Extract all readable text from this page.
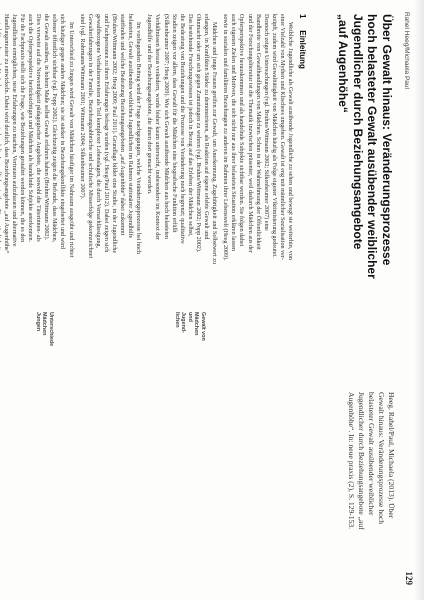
Rahel Heeg/Michaela Paul
129
Über Gewalt hinaus: Veränderungsprozesse
hoch belasteter Gewalt ausübender weiblicher
Jugendlicher durch Beziehungsangebote
„auf Augenhöhe“
Heeg, Rahel/Paul, Michaela (2013). Über
Gewalt hinaus: Veränderungsprozesse hoch
belasteter Gewalt ausübender weiblicher
Jugendlicher durch Beziehungsangebote „auf
Augenhöhe“. In: neue praxis (2), S. 129-153.
1 Einleitung
Weibliche Jugendliche als Gewalt ausübende Jugendliche zu sehen und bewegt sie weiterhin, von
einer Vielzahl von Mythen und Klischees umgeben. Gewalt ist eng mit männlicher Sozialisation ver-
knüpft, zudem wird Gewalttätigkeit von Mädchen häufig als Folge eigener Viktimisierung gedeutet.
Dennoch zeigen Untersuchungen (vgl. Bruhns/Wittmann 2002; Silkenbeumer 2007) eine
Bandbreite von Gewalthandlungen von Mädchen. Schon in der Wahrnehmung der Öffentlichkeit
und der Forschungsliteratur ist die Thematik inzwischen präsenter, weil dadurch Mädchen aus der
Opferperspektive herauskommen und als handelnde Subjekte sichtbar werden. Sie folgen dabei
auch eigenen Zielen und Motiven, die sich nicht nur aus ihrer belasteten Situation erklären lassen
sowie in sozialen und familiären Beziehungen zu anderen im Rahmen ihrer Lebenswelt (Heeg 2009).
Mädchen und junge Frauen greifen zur Gewalt, um Anerkennung, Zugehörigkeit und Selbstwert zu
erlangen, in Konflikten Stärke zu demonstrieren, als Reaktion auf eigene erlebte Gewalt und
Ohnmacht oder um sich gegen Zumutungen zu wehren (vgl. Bruhns/Wittmann 2002; Popp 2002).
Das bestehende Forschungswissen ist jedoch in Bezug auf das Erleben der Mädchen selbst,
die Bedeutung von Beziehungen und die Prozesse von Veränderung noch begrenzt; qualitative
Studien zeigen vor allem, dass Gewalt für die Mädchen eine biografische Funktion erfüllt
(Silkenbeumer 2007; Heeg 2009). Wie sich Gewalt ausübende Mädchen aus hoch belasteten
Verhältnissen heraus verändern, wurde bisher kaum untersucht, insbesondere im Kontext der
Jugendhilfe und der Beziehungsangebote, die ihnen dort gemacht werden.
Im vorliegenden Beitrag wird der Frage nachgegangen, welche Veränderungsprozesse bei hoch
belasteten, Gewalt ausübenden weiblichen Jugendlichen im Rahmen stationärer Jugendhilfe
stattfinden und welche Bedeutung Beziehungsangeboten „auf Augenhöhe“ dabei zukommt
(Bruhns/Wittmann 2002; Heeg 2009; Paul 2011). Grundlage bildet eine Studie, in der Jugendliche
und Fachpersonen zu ihren Erfahrungen befragt wurden (vgl. Heeg/Paul 2012). Dabei zeigen sich
gewaltbezogene Verhaltensweisen als Teil komplexer Lebenslagen, die durch Vernachlässigung,
Gewalterfahrungen in der Familie, Beziehungsabbrüche und schulische Misserfolge gekennzeichnet
sind (vgl. Rohrmann/Wittmann 2001; Wittmann 2004; Silkenbeumer 2007).
Im Unterschied zu Jungen wird Gewalt von Mädchen häufiger im Nahraum ausgeübt und richtet
sich häufiger gegen andere Mädchen; sie ist stärker in Beziehungskonflikte eingebettet und wird
seltener öffentlich sichtbar (vgl. Popp 2002). Gleichzeitig zeigen die Befunde, dass Mädchen,
die Gewalt ausüben, in hohem Maße selbst Gewalt erfahren haben (Bruhns/Wittmann 2002).
Dies verweist auf die Notwendigkeit pädagogischer Angebote, die sowohl die Täterinnen- als
auch die Opferperspektive berücksichtigen und Mädchen als handelnde Subjekte anerkennen.
Für die Fachpraxis stellt sich die Frage, wie Beziehungen gestaltet werden können, die es den
Jugendlichen ermöglichen, neue Erfahrungen zu machen, Vertrauen aufzubauen und alternative
Handlungsmuster zu entwickeln. Dabei wird deutlich, dass Beziehungsangebote „auf Augenhöhe“
Gewalt von
Mädchen
und
Jugend-
lichen
Unterschiede
Mädchen
Jungen
